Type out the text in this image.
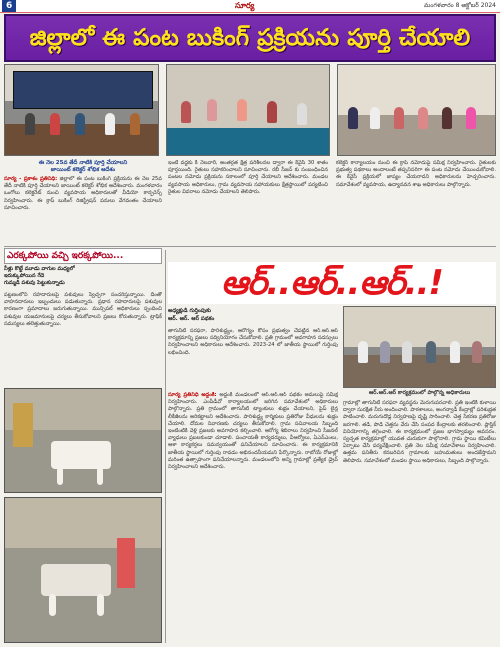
6	సూర్య	మంగళవారం 8 అక్టోబర్ 2024
జిల్లాలో ఈ పంట బుకింగ్ ప్రక్రియను పూర్తి చేయాలి
ఈ నెల 25వ తేదీ నాటికి పూర్తి చేయాలని
జాయింట్ కలెక్టర్ శోభిక ఆదేశం
సూర్య - ప్రకాశం ప్రతినిధి: జిల్లాలో ఈ పంట బుకింగ్ ప్రక్రియను ఈ నెల 25వ తేదీ నాటికి పూర్తి చేయాలని జాయింట్ కలెక్టర్ శోభిక ఆదేశించారు. మంగళవారం ఒంగోలు కలెక్టరేట్ నుంచి వ్యవసాయ అధికారులతో వీడియో కాన్ఫరెన్స్ నిర్వహించారు. ఈ క్రాప్ బుకింగ్ రిజిస్ట్రేషన్ పనులు వేగవంతం చేయాలని సూచించారు.
ఇంటి వద్దకు కి నెలవారీ, అంతర్గత క్షేత్ర పరిశీలనల ద్వారా ఈ కేవైసీ 30 శాతం పూర్తయింది. రైతులు సహకరించాలని సూచించారు. రబీ సీజన్ కు సంబంధించిన పంటల నమోదు ప్రక్రియను సకాలంలో పూర్తి చేయాలని ఆదేశించారు. మండల వ్యవసాయ అధికారులు, గ్రామ వ్యవసాయ సహాయకులు క్షేత్రస్థాయిలో పర్యటించి రైతుల వివరాలు నమోదు చేయాలని తెలిపారు.
కలెక్టర్ కార్యాలయం నుంచి ఈ క్రాప్ నమోదుపై సమీక్ష నిర్వహించారు. రైతులకు ప్రభుత్వ పథకాలు అందాలంటే తప్పనిసరిగా ఈ పంట నమోదు చేయించుకోవాలి. ఈ కేవైసీ ప్రక్రియలో జాప్యం చేయరాదని అధికారులను హెచ్చరించారు. సమావేశంలో వ్యవసాయ, ఉద్యానవన శాఖ అధికారులు పాల్గొన్నారు.
ఎరక్కపోయి వచ్చి ఇరక్కపోయి...
నీళ్లు కొట్టే మూడు వాగుల మధ్యలో
ఇరుక్కుపోయిన గేదె
గుమ్మడి పశువు పెట్టుకున్నాడు
పట్టణంలోని రహదారులపై పశువులు స్వేచ్ఛగా సంచరిస్తున్నాయి. దీంతో వాహనదారులు ఇబ్బందులు పడుతున్నారు. ప్రధాన రహదారులపై పశువుల కారణంగా ప్రమాదాలు జరుగుతున్నాయి. మున్సిపల్ అధికారులు స్పందించి పశువుల యజమానులపై చర్యలు తీసుకోవాలని ప్రజలు కోరుతున్నారు. ట్రాఫిక్ సమస్యలు తలెత్తుతున్నాయి.
ఆర్..ఆర్..ఆర్..!
అధ్యక్షుడి గుర్తింపుకు
ఆర్. ఆర్. ఆర్ పథకం
తాగునీటి సరఫరా, పారిశుద్ధ్యం, ఆరోగ్యం కోసం ప్రభుత్వం చేపట్టిన ఆర్.ఆర్.ఆర్ కార్యక్రమాన్ని ప్రజలు సద్వినియోగం చేసుకోవాలి. ప్రతి గ్రామంలో అవగాహన సదస్సులు నిర్వహించాలని అధికారులు ఆదేశించారు. 2023-24 లో జాతీయ స్థాయిలో గుర్తింపు లభించింది.
సూర్య ప్రతినిధి అద్దంకి: అద్దంకి మండలంలో ఆర్.ఆర్.ఆర్ పథకం అమలుపై సమీక్ష నిర్వహించారు. ఎంపీడీవో కార్యాలయంలో జరిగిన సమావేశంలో అధికారులు పాల్గొన్నారు. ప్రతి గ్రామంలో తాగునీటి ట్యాంకులు శుభ్రం చేయాలని, పైప్ లైన్ల లీకేజీలను అరికట్టాలని ఆదేశించారు. పారిశుద్ధ్య కార్మికులు ప్రతిరోజు వీధులను శుభ్రం చేయాలి. దోమల నివారణకు చర్యలు తీసుకోవాలి. గ్రామ సచివాలయ సిబ్బంది ఇంటింటికి వెళ్లి ప్రజలకు అవగాహన కల్పించాలి. ఆరోగ్య శిబిరాలు నిర్వహించి సీజనల్ వ్యాధులు ప్రబలకుండా చూడాలి. పంచాయతీ కార్యదర్శులు, వీఆర్వోలు, ఏఎన్ఎంలు, ఆశా కార్యకర్తలు సమన్వయంతో పనిచేయాలని సూచించారు. ఈ కార్యక్రమానికి జాతీయ స్థాయిలో గుర్తింపు రావడం అభినందనీయమని పేర్కొన్నారు. రాబోయే రోజుల్లో మరింత ఉత్సాహంగా పనిచేయాలన్నారు. మండలంలోని అన్ని గ్రామాల్లో ప్రత్యేక డ్రైవ్ నిర్వహించాలని ఆదేశించారు.
ఆర్.ఆర్.ఆర్ కార్యక్రమంలో పాల్గొన్న అధికారులు
గ్రామాల్లో తాగునీటి సరఫరా వ్యవస్థను మెరుగుపరచాలి. ప్రతి ఇంటికి కుళాయి ద్వారా సురక్షిత నీరు అందించాలి. పాఠశాలలు, అంగన్వాడీ కేంద్రాల్లో పరిశుభ్రత పాటించాలి. మరుగుదొడ్ల నిర్వహణపై దృష్టి సారించాలి. చెత్త సేకరణ ప్రతిరోజు జరగాలి. తడి, పొడి చెత్తను వేరు చేసి సంపద కేంద్రాలకు తరలించాలి. ప్లాస్టిక్ వినియోగాన్ని తగ్గించాలి. ఈ కార్యక్రమంలో ప్రజల భాగస్వామ్యం అవసరం. స్వచ్ఛత కార్యక్రమాల్లో యువత చురుకుగా పాల్గొనాలి. గ్రామ స్థాయి కమిటీలు ఏర్పాటు చేసి పర్యవేక్షించాలి. ప్రతి నెల సమీక్ష సమావేశాలు నిర్వహించాలి. ఉత్తమ పనితీరు కనబరిచిన గ్రామాలకు బహుమతులు అందజేస్తామని తెలిపారు. సమావేశంలో మండల స్థాయి అధికారులు, సిబ్బంది పాల్గొన్నారు.
